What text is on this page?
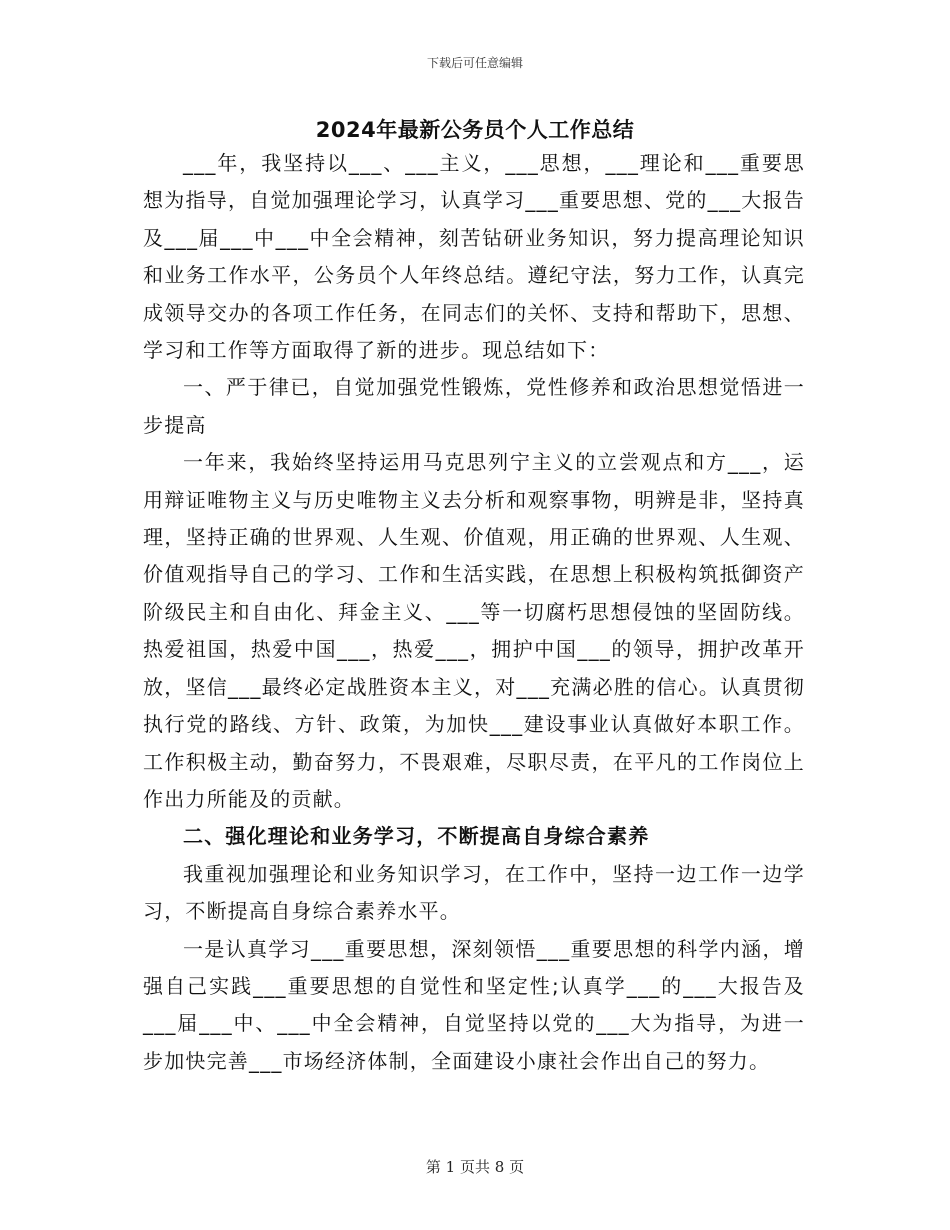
下载后可任意编辑
2024年最新公务员个人工作总结

___年，我坚持以___、___主义，___思想，___理论和___重要思想为指导，自觉加强理论学习，认真学习___重要思想、党的___大报告及___届___中___中全会精神，刻苦钻研业务知识，努力提高理论知识和业务工作水平，公务员个人年终总结。遵纪守法，努力工作，认真完成领导交办的各项工作任务，在同志们的关怀、支持和帮助下，思想、学习和工作等方面取得了新的进步。现总结如下：

一、严于律已，自觉加强党性锻炼，党性修养和政治思想觉悟进一步提高

一年来，我始终坚持运用马克思列宁主义的立尝观点和方___，运用辩证唯物主义与历史唯物主义去分析和观察事物，明辨是非，坚持真理，坚持正确的世界观、人生观、价值观，用正确的世界观、人生观、价值观指导自己的学习、工作和生活实践，在思想上积极构筑抵御资产阶级民主和自由化、拜金主义、___等一切腐朽思想侵蚀的坚固防线。热爱祖国，热爱中国___，热爱___，拥护中国___的领导，拥护改革开放，坚信___最终必定战胜资本主义，对___充满必胜的信心。认真贯彻执行党的路线、方针、政策，为加快___建设事业认真做好本职工作。工作积极主动，勤奋努力，不畏艰难，尽职尽责，在平凡的工作岗位上作出力所能及的贡献。

二、强化理论和业务学习，不断提高自身综合素养

我重视加强理论和业务知识学习，在工作中，坚持一边工作一边学习，不断提高自身综合素养水平。

一是认真学习___重要思想，深刻领悟___重要思想的科学内涵，增强自己实践___重要思想的自觉性和坚定性;认真学___的___大报告及___届___中、___中全会精神，自觉坚持以党的___大为指导，为进一步加快完善___市场经济体制，全面建设小康社会作出自己的努力。

第 1 页共 8 页
